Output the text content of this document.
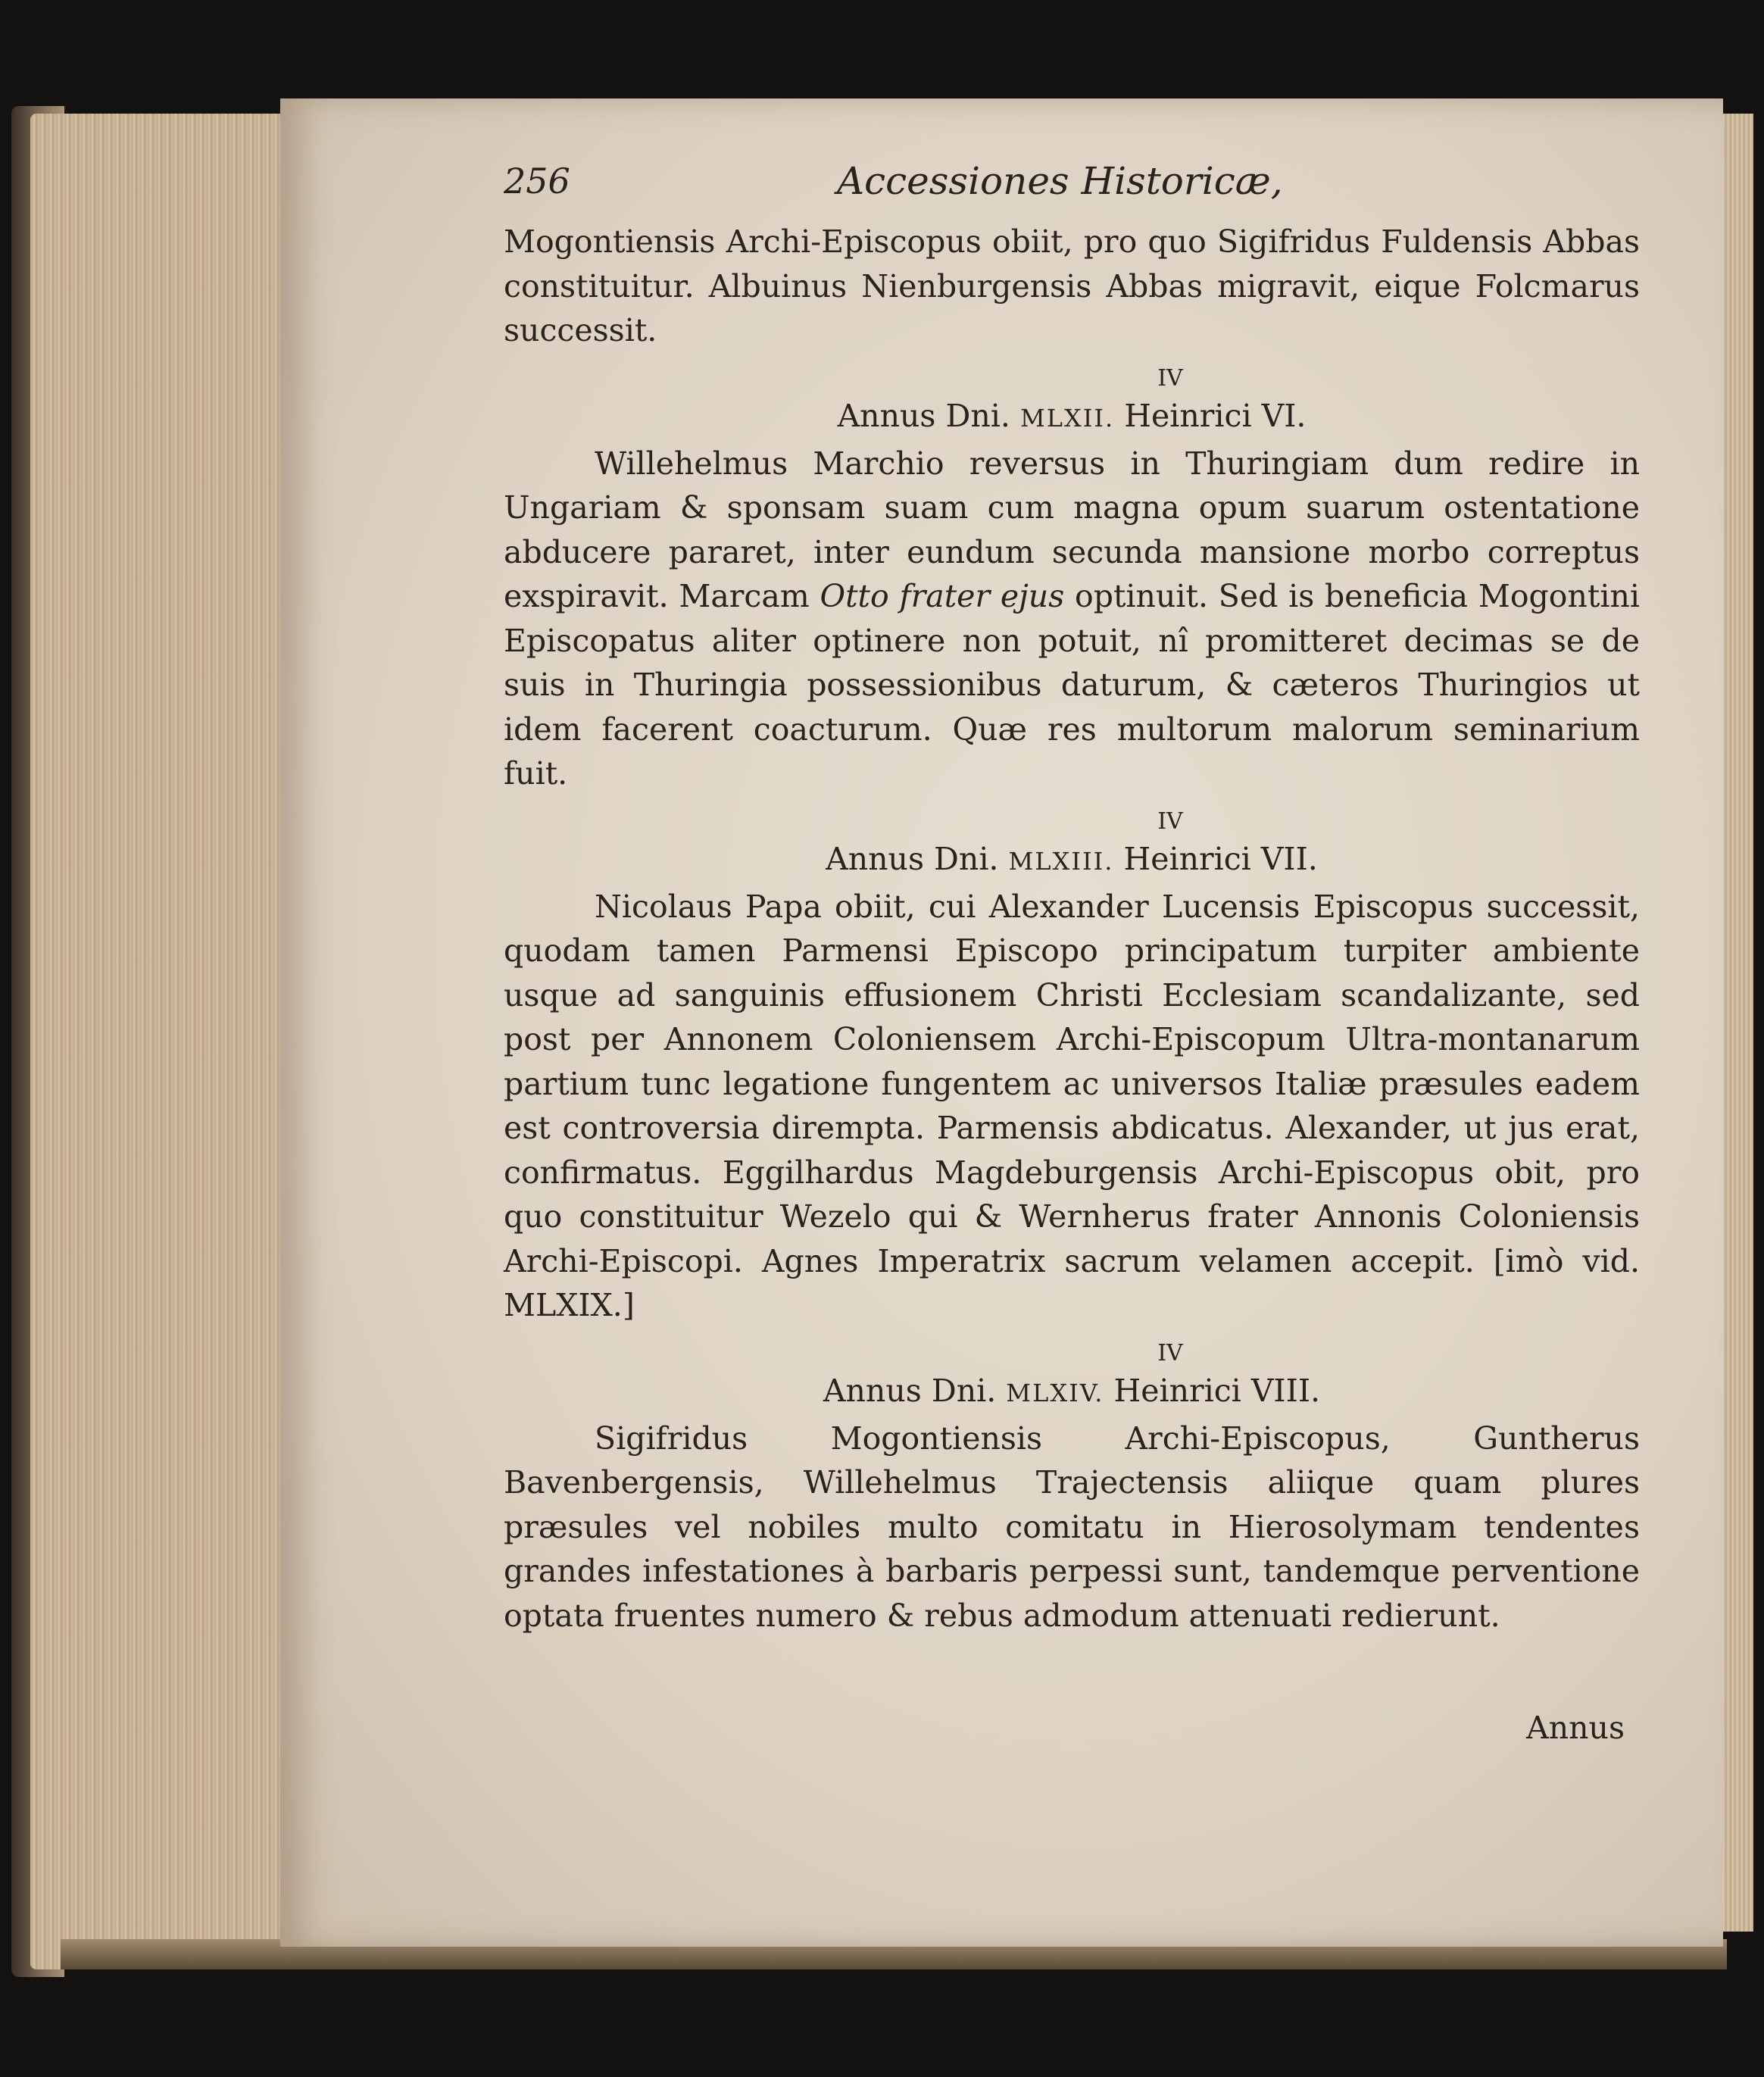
256	Accessiones Historicæ,

Mogontiensis Archi-Episcopus obiit, pro quo Sigifridus Fuldensis Abbas constituitur. Albuinus Nienburgensis Abbas migravit, eique Folcmarus successit.

IV
Annus Dni. MLXII. Heinrici VI.

Willehelmus Marchio reversus in Thuringiam dum redire in Ungariam & sponsam suam cum magna opum suarum ostentatione abducere pararet, inter eundum secunda mansione morbo correptus exspiravit. Marcam Otto frater ejus optinuit. Sed is beneficia Mogontini Episcopatus aliter optinere non potuit, nî promitteret decimas se de suis in Thuringia possessionibus daturum, & cæteros Thuringios ut idem facerent coacturum. Quæ res multorum malorum seminarium fuit.

IV
Annus Dni. MLXIII. Heinrici VII.

Nicolaus Papa obiit, cui Alexander Lucensis Episcopus successit, quodam tamen Parmensi Episcopo principatum turpiter ambiente usque ad sanguinis effusionem Christi Ecclesiam scandalizante, sed post per Annonem Coloniensem Archi-Episcopum Ultra-montanarum partium tunc legatione fungentem ac universos Italiæ præsules eadem est controversia dirempta. Parmensis abdicatus. Alexander, ut jus erat, confirmatus. Eggilhardus Magdeburgensis Archi-Episcopus obit, pro quo constituitur Wezelo qui & Wernherus frater Annonis Coloniensis Archi-Episcopi. Agnes Imperatrix sacrum velamen accepit. [imò vid. MLXIX.]

IV
Annus Dni. MLXIV. Heinrici VIII.

Sigifridus Mogontiensis Archi-Episcopus, Guntherus Bavenbergensis, Willehelmus Trajectensis aliique quam plures præsules vel nobiles multo comitatu in Hierosolymam tendentes grandes infestationes à barbaris perpessi sunt, tandemque perventione optata fruentes numero & rebus admodum attenuati redierunt.

Annus
